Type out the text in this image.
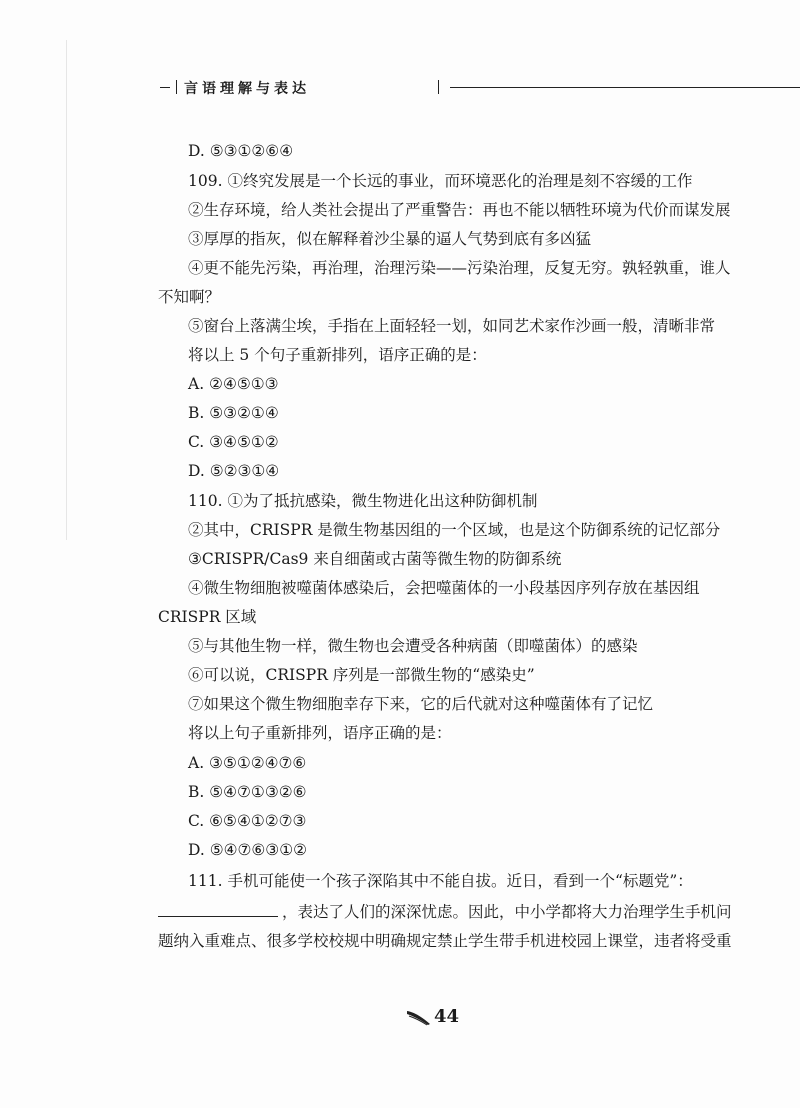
言语理解与表达
D. ⑤③①②⑥④
109. ①终究发展是一个长远的事业，而环境恶化的治理是刻不容缓的工作
②生存环境，给人类社会提出了严重警告：再也不能以牺牲环境为代价而谋发展
③厚厚的指灰，似在解释着沙尘暴的逼人气势到底有多凶猛
④更不能先污染，再治理，治理污染——污染治理，反复无穷。孰轻孰重，谁人
不知啊？
⑤窗台上落满尘埃，手指在上面轻轻一划，如同艺术家作沙画一般，清晰非常
将以上 5 个句子重新排列，语序正确的是：
A. ②④⑤①③
B. ⑤③②①④
C. ③④⑤①②
D. ⑤②③①④
110. ①为了抵抗感染，微生物进化出这种防御机制
②其中，CRISPR 是微生物基因组的一个区域，也是这个防御系统的记忆部分
③CRISPR/Cas9 来自细菌或古菌等微生物的防御系统
④微生物细胞被噬菌体感染后，会把噬菌体的一小段基因序列存放在基因组
CRISPR 区域
⑤与其他生物一样，微生物也会遭受各种病菌（即噬菌体）的感染
⑥可以说，CRISPR 序列是一部微生物的“感染史”
⑦如果这个微生物细胞幸存下来，它的后代就对这种噬菌体有了记忆
将以上句子重新排列，语序正确的是：
A. ③⑤①②④⑦⑥
B. ⑤④⑦①③②⑥
C. ⑥⑤④①②⑦③
D. ⑤④⑦⑥③①②
111. 手机可能使一个孩子深陷其中不能自拔。近日，看到一个“标题党”：
，表达了人们的深深忧虑。因此，中小学都将大力治理学生手机问
题纳入重难点、很多学校校规中明确规定禁止学生带手机进校园上课堂，违者将受重
44
